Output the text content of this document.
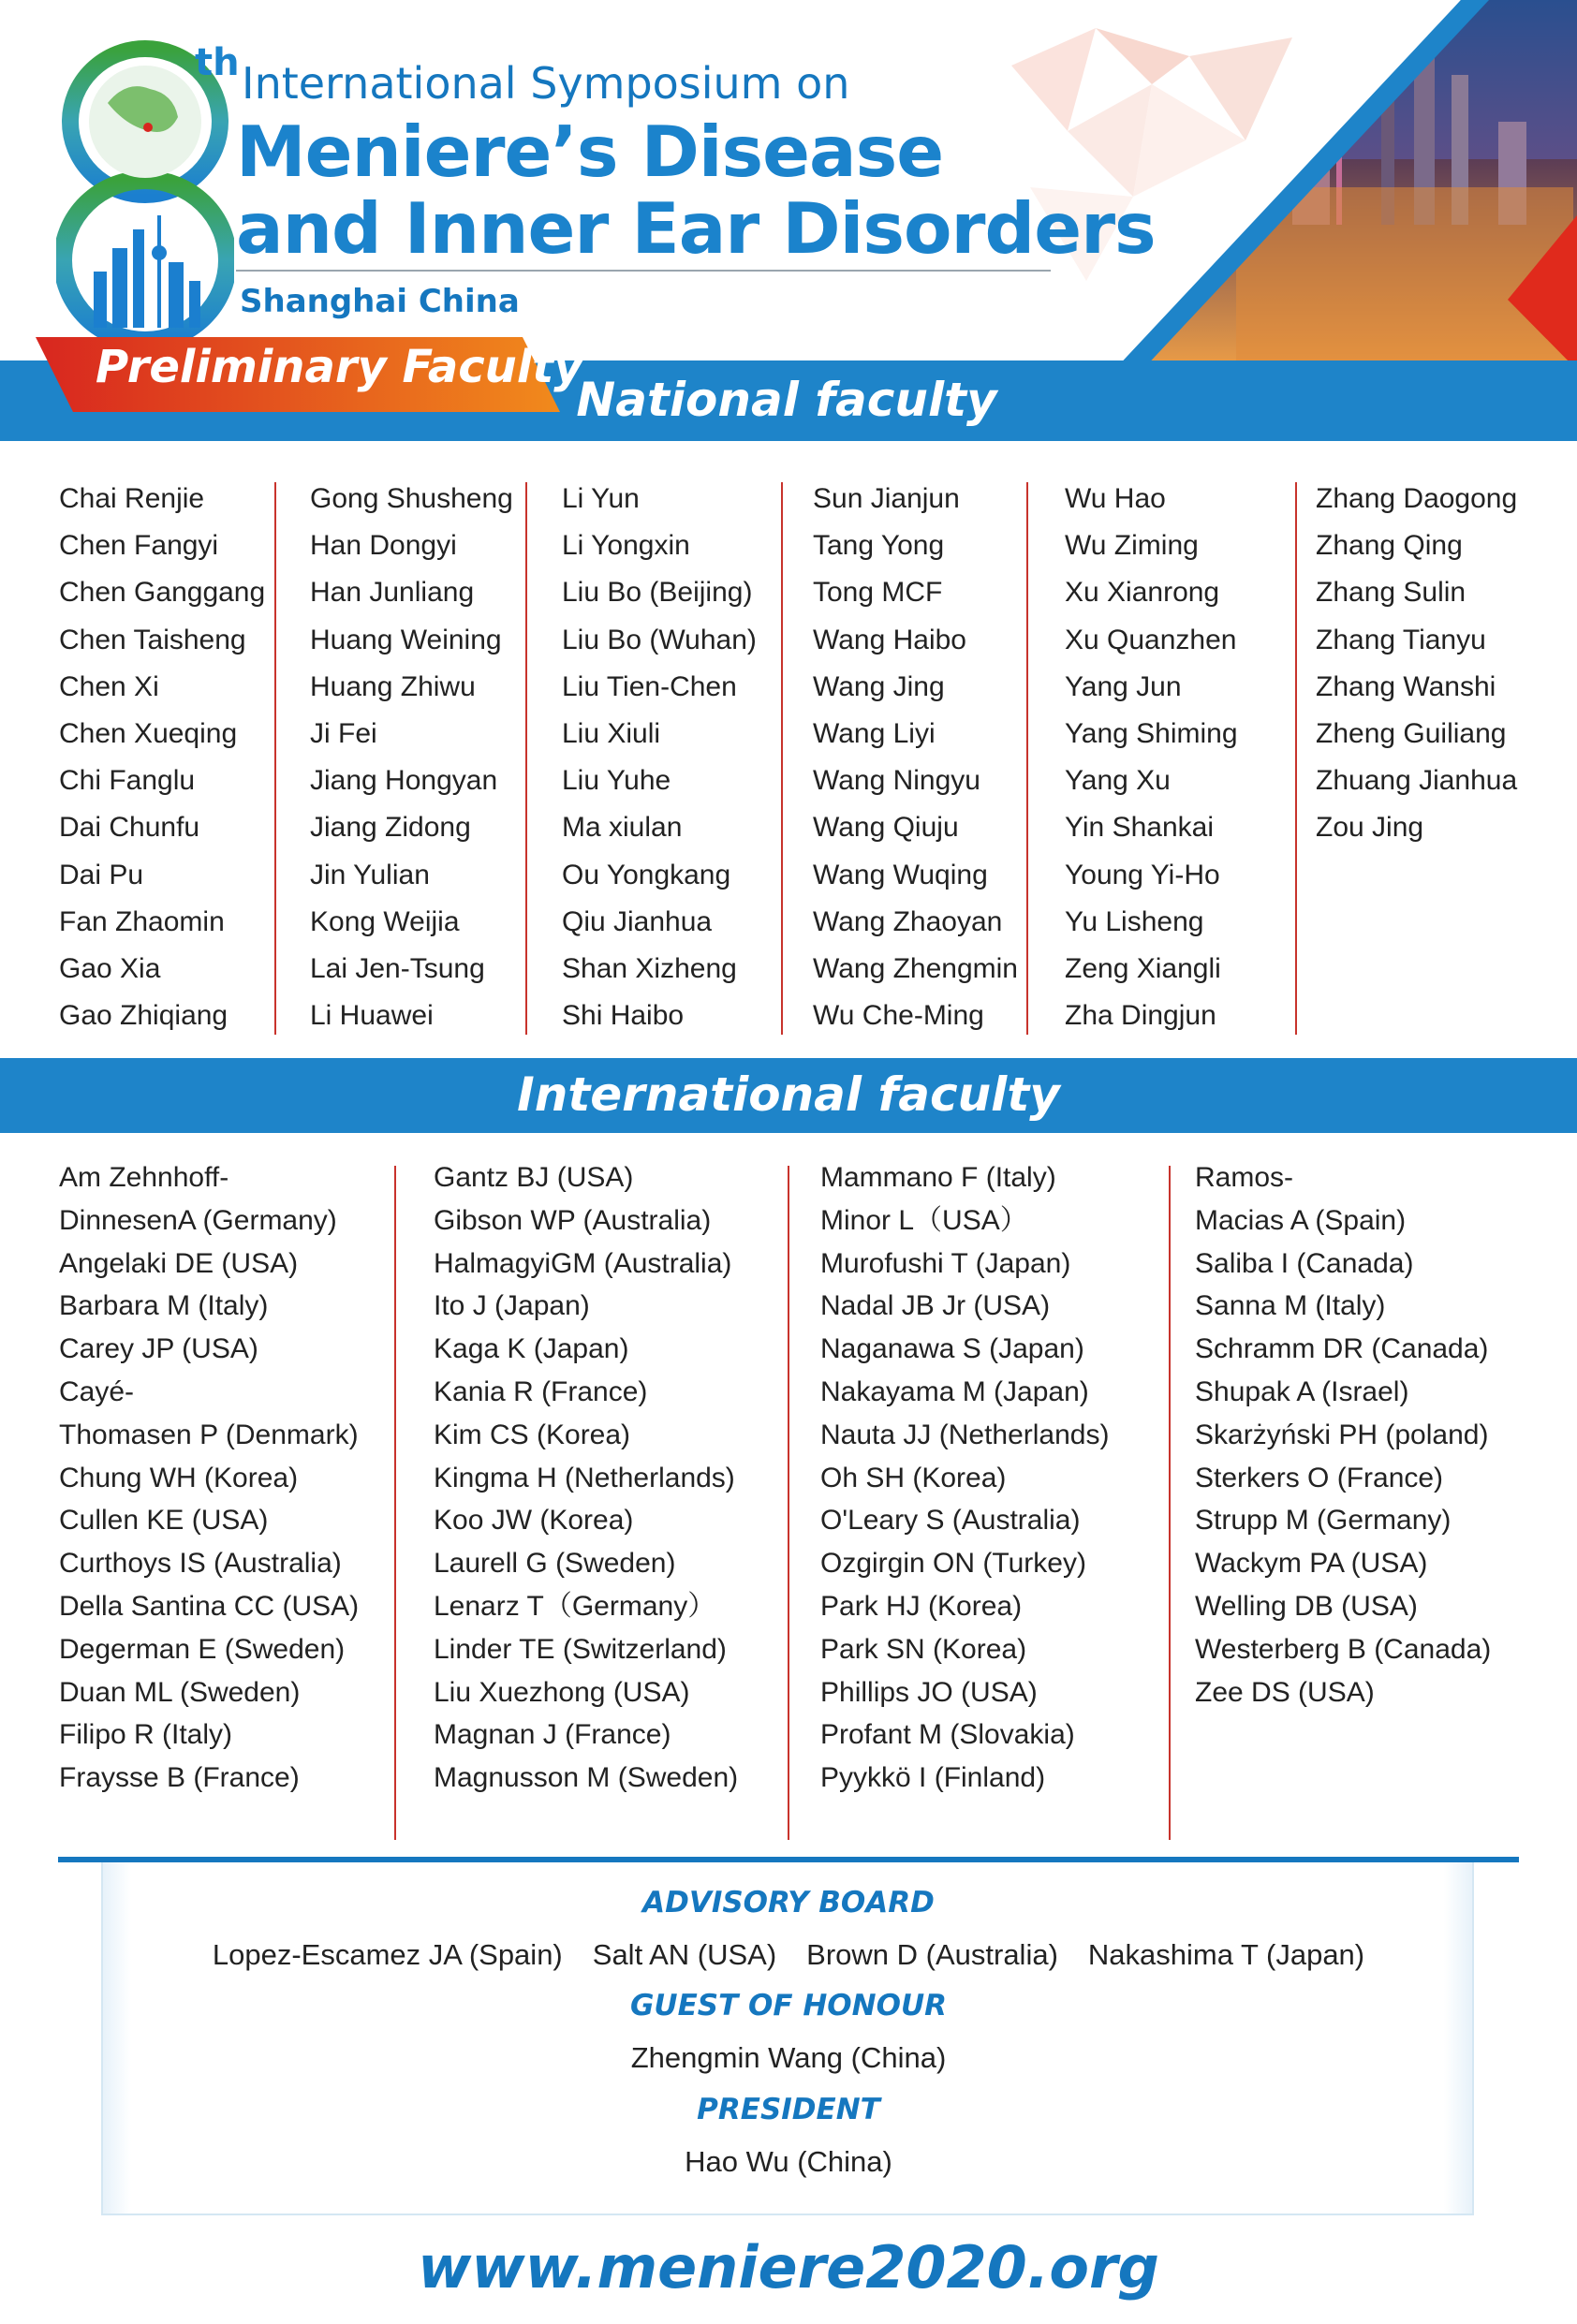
th International Symposium on
Meniere’s Disease
and Inner Ear Disorders
Shanghai China
Preliminary Faculty
National faculty
Chai Renjie
Chen Fangyi
Chen Ganggang
Chen Taisheng
Chen Xi
Chen Xueqing
Chi Fanglu
Dai Chunfu
Dai Pu
Fan Zhaomin
Gao Xia
Gao Zhiqiang
Gong Shusheng
Han Dongyi
Han Junliang
Huang Weining
Huang Zhiwu
Ji Fei
Jiang Hongyan
Jiang Zidong
Jin Yulian
Kong Weijia
Lai Jen-Tsung
Li Huawei
Li Yun
Li Yongxin
Liu Bo (Beijing)
Liu Bo (Wuhan)
Liu Tien-Chen
Liu Xiuli
Liu Yuhe
Ma xiulan
Ou Yongkang
Qiu Jianhua
Shan Xizheng
Shi Haibo
Sun Jianjun
Tang Yong
Tong MCF
Wang Haibo
Wang Jing
Wang Liyi
Wang Ningyu
Wang Qiuju
Wang Wuqing
Wang Zhaoyan
Wang Zhengmin
Wu Che-Ming
Wu Hao
Wu Ziming
Xu Xianrong
Xu Quanzhen
Yang Jun
Yang Shiming
Yang Xu
Yin Shankai
Young Yi-Ho
Yu Lisheng
Zeng Xiangli
Zha Dingjun
Zhang Daogong
Zhang Qing
Zhang Sulin
Zhang Tianyu
Zhang Wanshi
Zheng Guiliang
Zhuang Jianhua
Zou Jing
International faculty
Am Zehnhoff-
DinnesenA (Germany)
Angelaki DE (USA)
Barbara M (Italy)
Carey JP (USA)
Cayé-
Thomasen P (Denmark)
Chung WH (Korea)
Cullen KE (USA)
Curthoys IS (Australia)
Della Santina CC (USA)
Degerman E (Sweden)
Duan ML (Sweden)
Filipo R (Italy)
Fraysse B (France)
Gantz BJ (USA)
Gibson WP (Australia)
HalmagyiGM (Australia)
Ito J (Japan)
Kaga K (Japan)
Kania R (France)
Kim CS (Korea)
Kingma H (Netherlands)
Koo JW (Korea)
Laurell G (Sweden)
Lenarz T（Germany）
Linder TE (Switzerland)
Liu Xuezhong (USA)
Magnan J (France)
Magnusson M (Sweden)
Mammano F (Italy)
Minor L（USA）
Murofushi T (Japan)
Nadal JB Jr (USA)
Naganawa S (Japan)
Nakayama M (Japan)
Nauta JJ (Netherlands)
Oh SH (Korea)
O'Leary S (Australia)
Ozgirgin ON (Turkey)
Park HJ (Korea)
Park SN (Korea)
Phillips JO (USA)
Profant M (Slovakia)
Pyykkö I (Finland)
Ramos-
Macias A (Spain)
Saliba I (Canada)
Sanna M (Italy)
Schramm DR (Canada)
Shupak A (Israel)
Skarżyński PH (poland)
Sterkers O (France)
Strupp M (Germany)
Wackym PA (USA)
Welling DB (USA)
Westerberg B (Canada)
Zee DS (USA)
ADVISORY BOARD
Lopez-Escamez JA (Spain) Salt AN (USA) Brown D (Australia) Nakashima T (Japan)
GUEST OF HONOUR
Zhengmin Wang (China)
PRESIDENT
Hao Wu (China)
www.meniere2020.org
